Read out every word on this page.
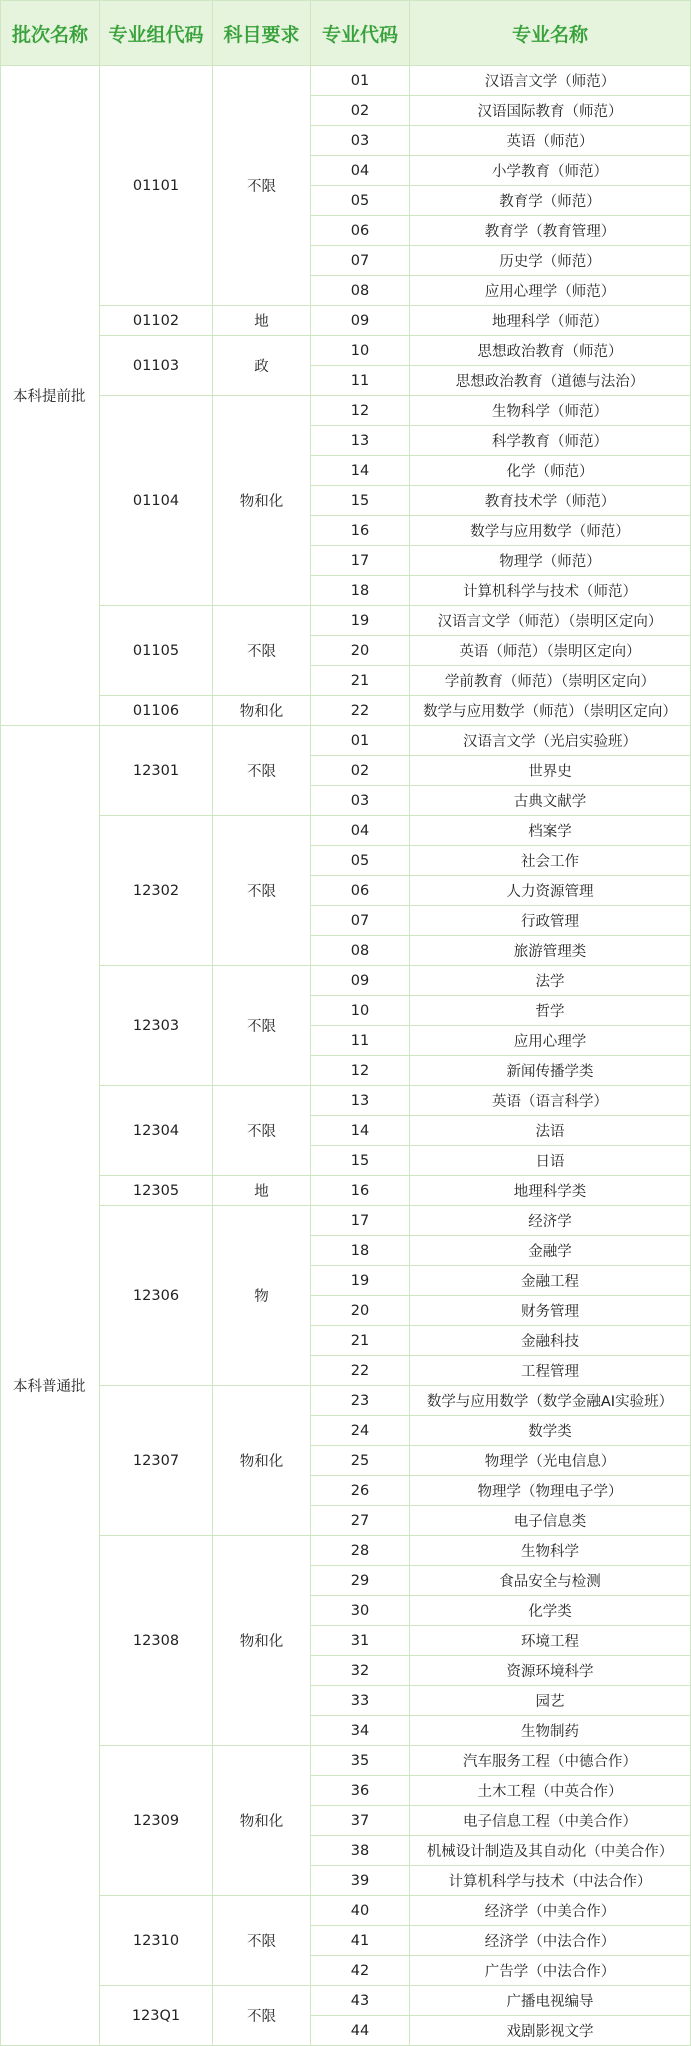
批次名称	专业组代码	科目要求	专业代码	专业名称
本科提前批	01101	不限	01	汉语言文学（师范）
			02	汉语国际教育（师范）
			03	英语（师范）
			04	小学教育（师范）
			05	教育学（师范）
			06	教育学（教育管理）
			07	历史学（师范）
			08	应用心理学（师范）
	01102	地	09	地理科学（师范）
	01103	政	10	思想政治教育（师范）
			11	思想政治教育（道德与法治）
	01104	物和化	12	生物科学（师范）
			13	科学教育（师范）
			14	化学（师范）
			15	教育技术学（师范）
			16	数学与应用数学（师范）
			17	物理学（师范）
			18	计算机科学与技术（师范）
	01105	不限	19	汉语言文学（师范）（崇明区定向）
			20	英语（师范）（崇明区定向）
			21	学前教育（师范）（崇明区定向）
	01106	物和化	22	数学与应用数学（师范）（崇明区定向）
本科普通批	12301	不限	01	汉语言文学（光启实验班）
			02	世界史
			03	古典文献学
	12302	不限	04	档案学
			05	社会工作
			06	人力资源管理
			07	行政管理
			08	旅游管理类
	12303	不限	09	法学
			10	哲学
			11	应用心理学
			12	新闻传播学类
	12304	不限	13	英语（语言科学）
			14	法语
			15	日语
	12305	地	16	地理科学类
	12306	物	17	经济学
			18	金融学
			19	金融工程
			20	财务管理
			21	金融科技
			22	工程管理
	12307	物和化	23	数学与应用数学（数学金融AI实验班）
			24	数学类
			25	物理学（光电信息）
			26	物理学（物理电子学）
			27	电子信息类
	12308	物和化	28	生物科学
			29	食品安全与检测
			30	化学类
			31	环境工程
			32	资源环境科学
			33	园艺
			34	生物制药
	12309	物和化	35	汽车服务工程（中德合作）
			36	土木工程（中英合作）
			37	电子信息工程（中美合作）
			38	机械设计制造及其自动化（中美合作）
			39	计算机科学与技术（中法合作）
	12310	不限	40	经济学（中美合作）
			41	经济学（中法合作）
			42	广告学（中法合作）
	123Q1	不限	43	广播电视编导
			44	戏剧影视文学
